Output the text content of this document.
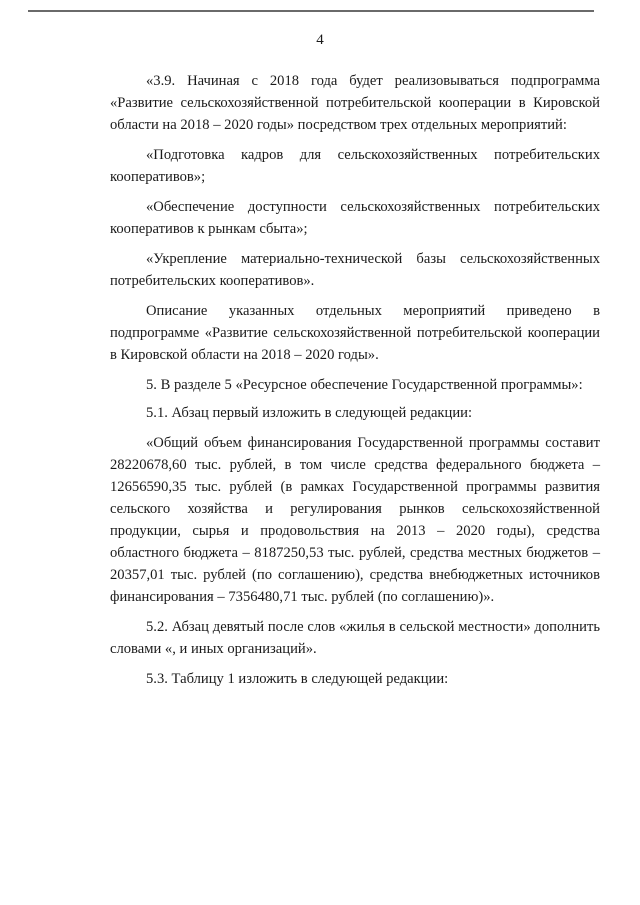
4

«3.9. Начиная с 2018 года будет реализовываться подпрограмма «Развитие сельскохозяйственной потребительской кооперации в Кировской области на 2018 – 2020 годы» посредством трех отдельных мероприятий:

«Подготовка кадров для сельскохозяйственных потребительских кооперативов»;

«Обеспечение доступности сельскохозяйственных потребительских кооперативов к рынкам сбыта»;

«Укрепление материально-технической базы сельскохозяйственных потребительских кооперативов».

Описание указанных отдельных мероприятий приведено в подпрограмме «Развитие сельскохозяйственной потребительской кооперации в Кировской области на 2018 – 2020 годы».

5. В разделе 5 «Ресурсное обеспечение Государственной программы»:

5.1. Абзац первый изложить в следующей редакции:

«Общий объем финансирования Государственной программы составит 28220678,60 тыс. рублей, в том числе средства федерального бюджета – 12656590,35 тыс. рублей (в рамках Государственной программы развития сельского хозяйства и регулирования рынков сельскохозяйственной продукции, сырья и продовольствия на 2013 – 2020 годы), средства областного бюджета – 8187250,53 тыс. рублей, средства местных бюджетов – 20357,01 тыс. рублей (по соглашению), средства внебюджетных источников финансирования – 7356480,71 тыс. рублей (по соглашению)».

5.2. Абзац девятый после слов «жилья в сельской местности» дополнить словами «, и иных организаций».

5.3. Таблицу 1 изложить в следующей редакции:
